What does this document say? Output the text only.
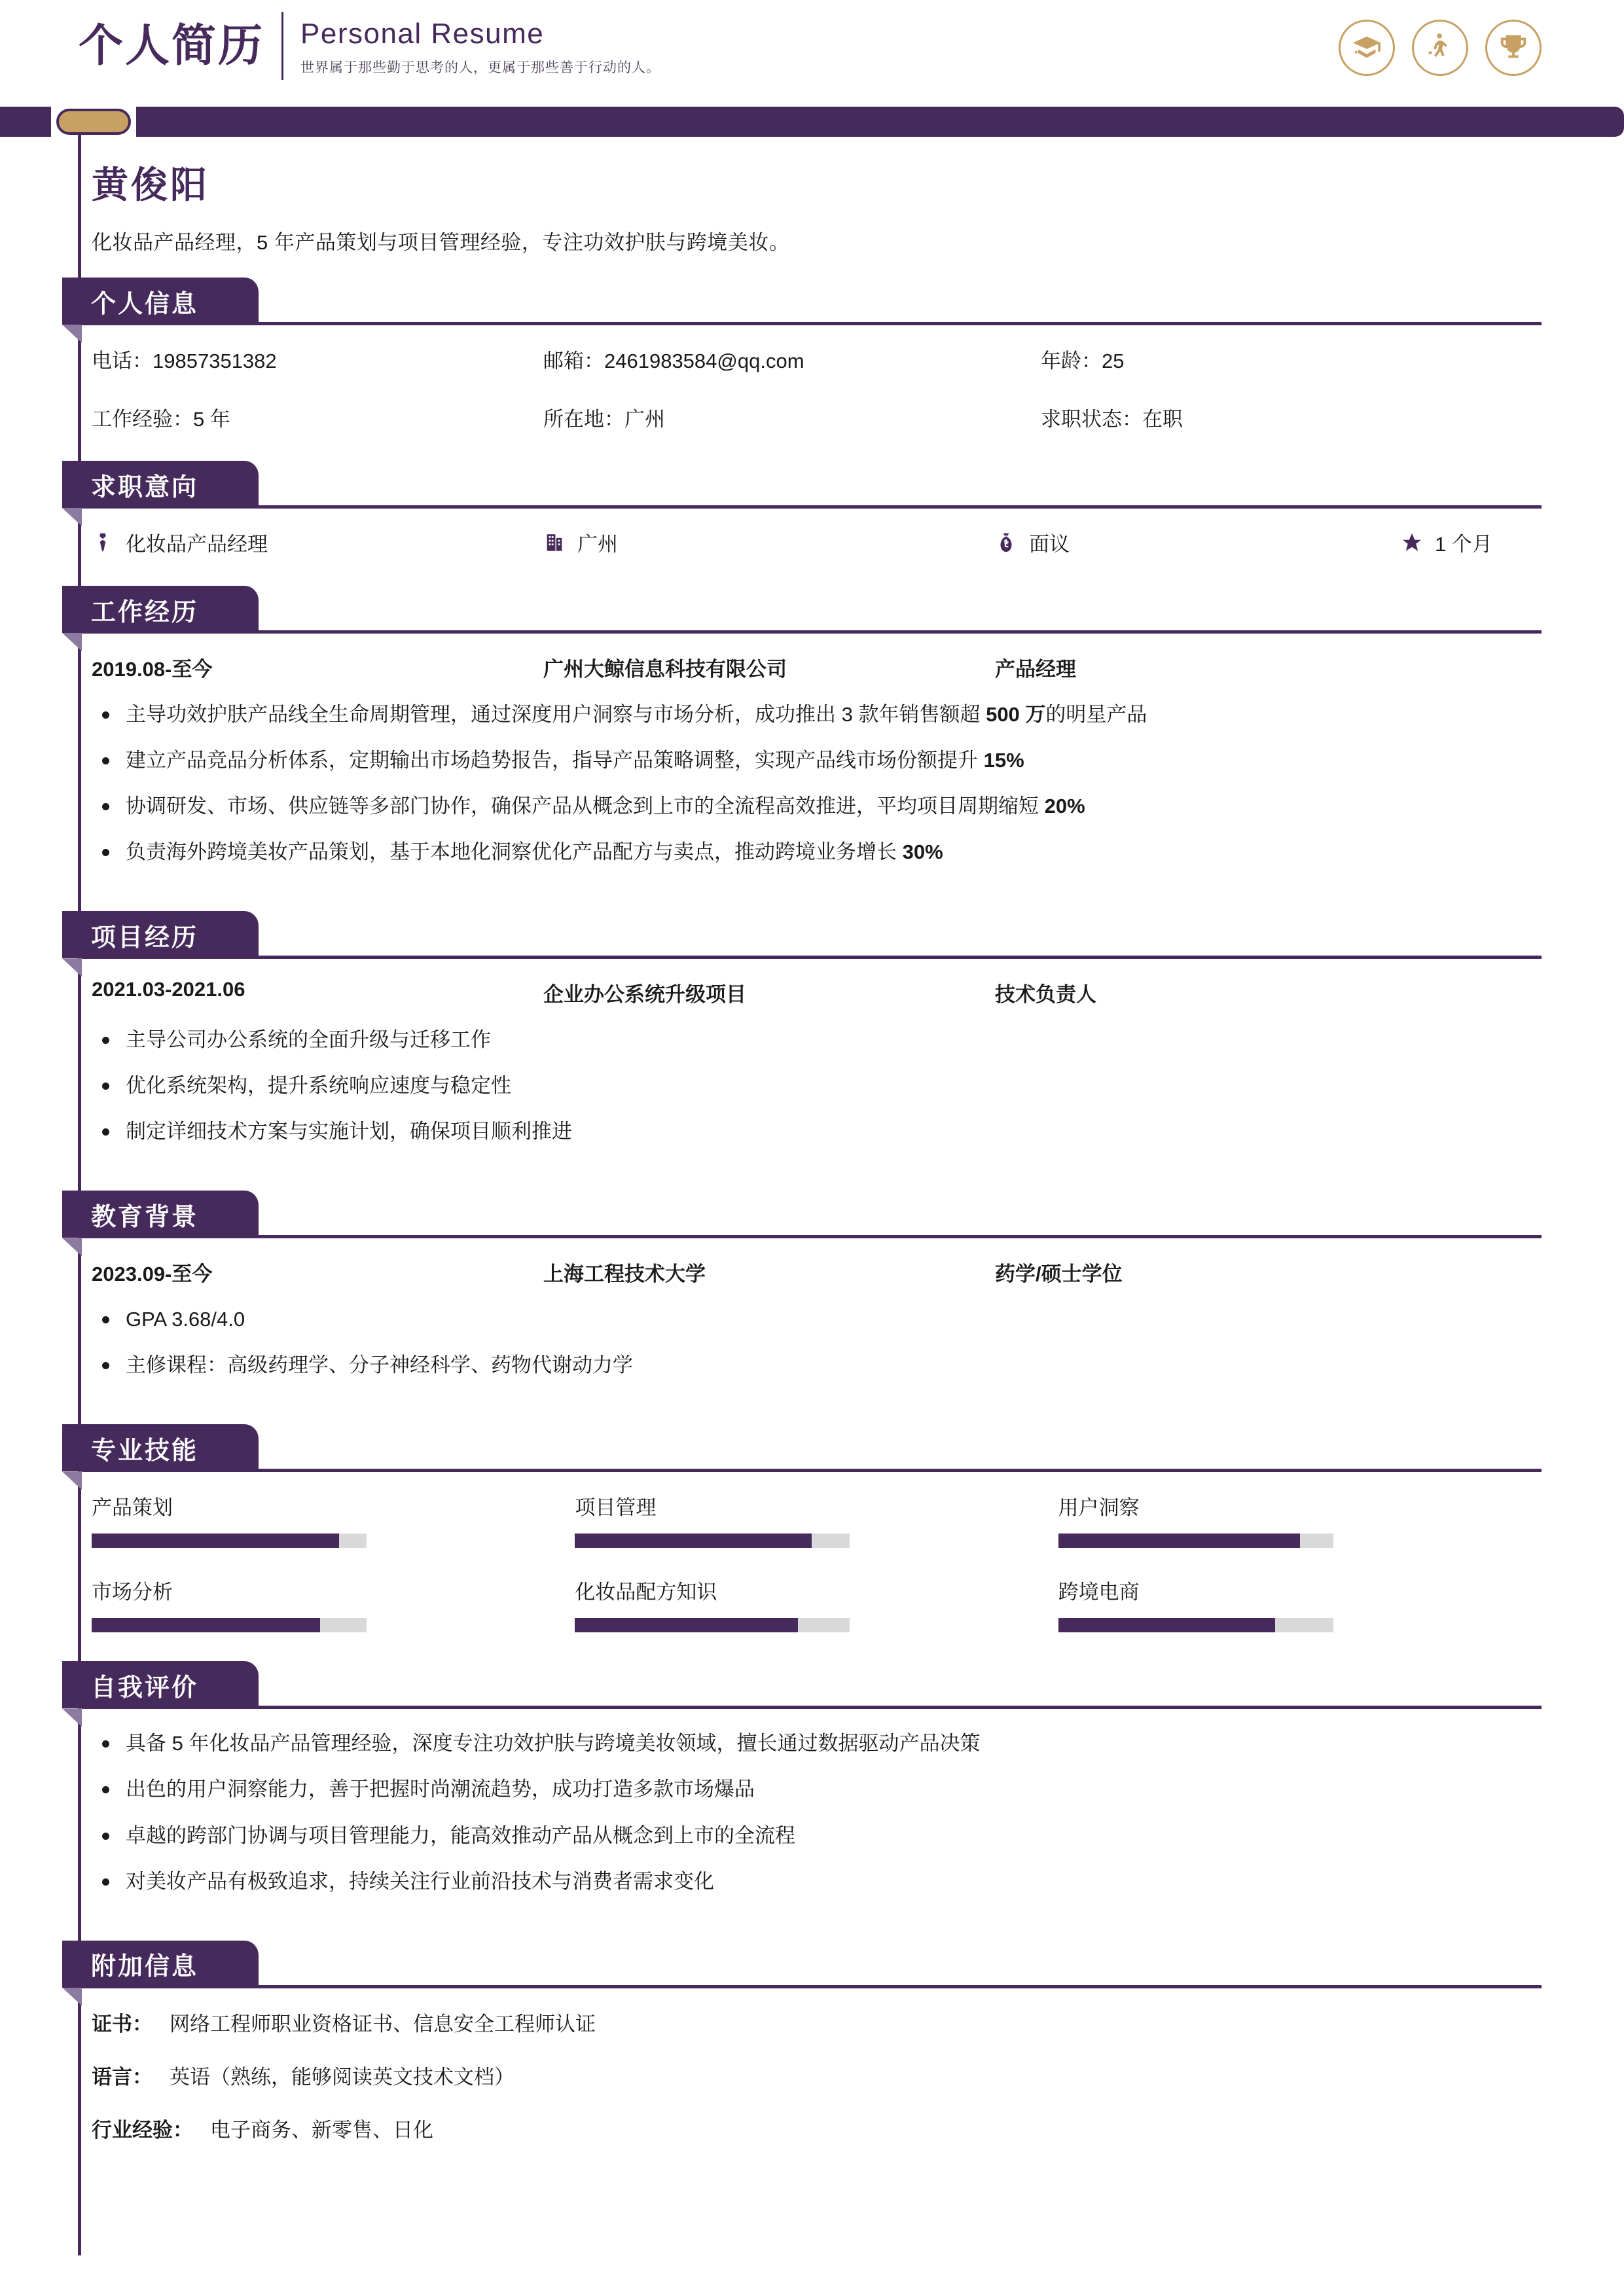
个人简历	Personal Resume
世界属于那些勤于思考的人，更属于那些善于行动的人。
黄俊阳
化妆品产品经理，5 年产品策划与项目管理经验，专注功效护肤与跨境美妆。
个人信息
电话：19857351382	邮箱：2461983584@qq.com	年龄：25
工作经验：5 年	所在地：广州	求职状态：在职
求职意向
化妆品产品经理	广州	面议	1 个月
工作经历
2019.08-至今	广州大鲸信息科技有限公司	产品经理
主导功效护肤产品线全生命周期管理，通过深度用户洞察与市场分析，成功推出 3 款年销售额超 500 万的明星产品
建立产品竞品分析体系，定期输出市场趋势报告，指导产品策略调整，实现产品线市场份额提升 15%
协调研发、市场、供应链等多部门协作，确保产品从概念到上市的全流程高效推进，平均项目周期缩短 20%
负责海外跨境美妆产品策划，基于本地化洞察优化产品配方与卖点，推动跨境业务增长 30%
项目经历
2021.03-2021.06	企业办公系统升级项目	技术负责人
主导公司办公系统的全面升级与迁移工作
优化系统架构，提升系统响应速度与稳定性
制定详细技术方案与实施计划，确保项目顺利推进
教育背景
2023.09-至今	上海工程技术大学	药学/硕士学位
GPA 3.68/4.0
主修课程：高级药理学、分子神经科学、药物代谢动力学
专业技能
产品策划	项目管理	用户洞察
市场分析	化妆品配方知识	跨境电商
自我评价
具备 5 年化妆品产品管理经验，深度专注功效护肤与跨境美妆领域，擅长通过数据驱动产品决策
出色的用户洞察能力，善于把握时尚潮流趋势，成功打造多款市场爆品
卓越的跨部门协调与项目管理能力，能高效推动产品从概念到上市的全流程
对美妆产品有极致追求，持续关注行业前沿技术与消费者需求变化
附加信息
证书： 网络工程师职业资格证书、信息安全工程师认证
语言： 英语（熟练，能够阅读英文技术文档）
行业经验： 电子商务、新零售、日化
